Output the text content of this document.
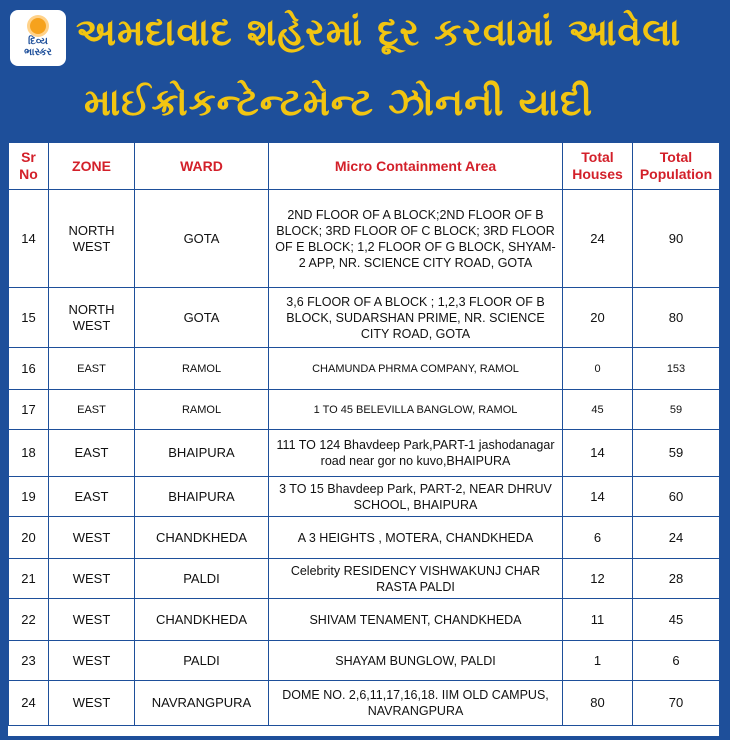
દિવ્ય
ભાસ્કર અમદાવાદ શહેરમાં દૂર કરવામાં આવેલા
માઈક્રોકન્ટેન્ટમેન્ટ ઝોનની યાદી
Sr No	ZONE	WARD	Micro Containment Area	Total Houses	Total Population
14	NORTH WEST	GOTA	2ND FLOOR OF A BLOCK;2ND FLOOR OF B BLOCK; 3RD FLOOR OF C BLOCK; 3RD FLOOR OF E BLOCK; 1,2 FLOOR OF G BLOCK, SHYAM-2 APP, NR. SCIENCE CITY ROAD, GOTA	24	90
15	NORTH WEST	GOTA	3,6 FLOOR OF A BLOCK ; 1,2,3 FLOOR OF B BLOCK, SUDARSHAN PRIME, NR. SCIENCE CITY ROAD, GOTA	20	80
16	EAST	RAMOL	CHAMUNDA PHRMA COMPANY, RAMOL	0	153
17	EAST	RAMOL	1 TO 45 BELEVILLA BANGLOW, RAMOL	45	59
18	EAST	BHAIPURA	111 TO 124 Bhavdeep Park,PART-1 jashodanagar road near gor no kuvo,BHAIPURA	14	59
19	EAST	BHAIPURA	3 TO 15 Bhavdeep Park, PART-2, NEAR DHRUV SCHOOL, BHAIPURA	14	60
20	WEST	CHANDKHEDA	A 3 HEIGHTS , MOTERA, CHANDKHEDA	6	24
21	WEST	PALDI	Celebrity RESIDENCY VISHWAKUNJ CHAR RASTA PALDI	12	28
22	WEST	CHANDKHEDA	SHIVAM TENAMENT, CHANDKHEDA	11	45
23	WEST	PALDI	SHAYAM BUNGLOW, PALDI	1	6
24	WEST	NAVRANGPURA	DOME NO. 2,6,11,17,16,18. IIM OLD CAMPUS, NAVRANGPURA	80	70
